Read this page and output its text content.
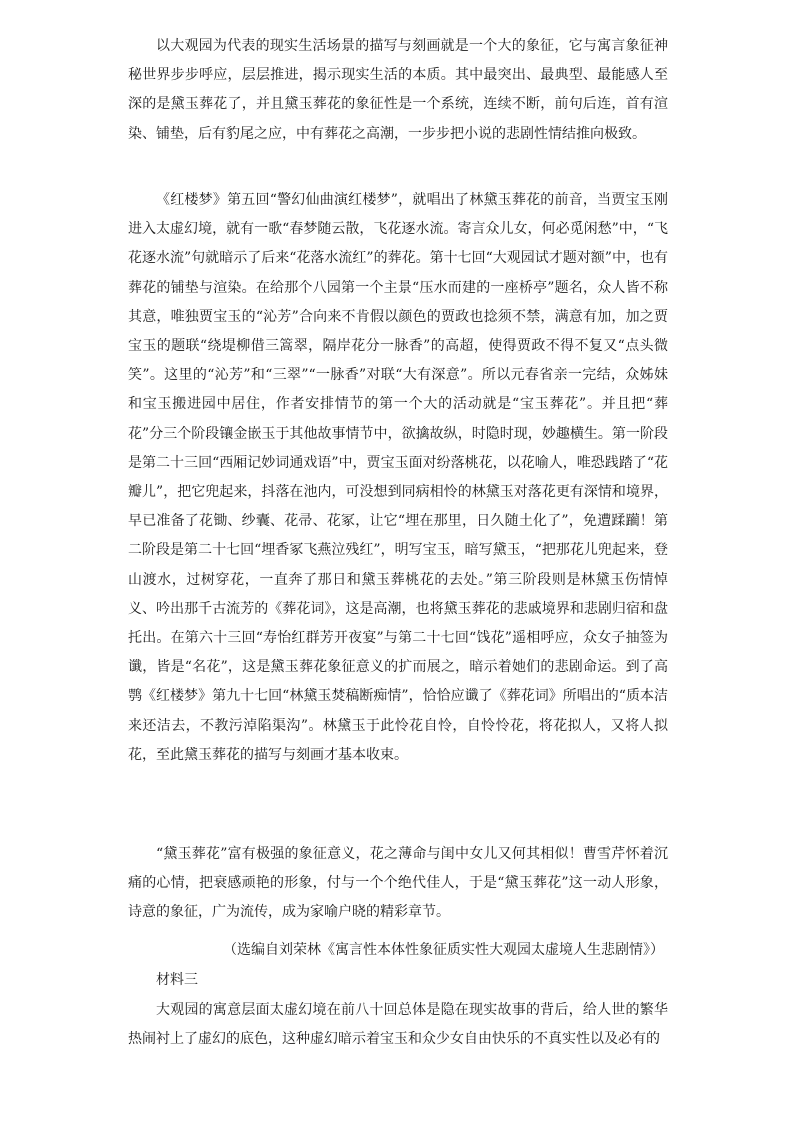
以大观园为代表的现实生活场景的描写与刻画就是一个大的象征，它与寓言象征神秘世界步步呼应，层层推进，揭示现实生活的本质。其中最突出、最典型、最能感人至深的是黛玉葬花了，并且黛玉葬花的象征性是一个系统，连续不断，前句后连，首有渲染、铺垫，后有豹尾之应，中有葬花之高潮，一步步把小说的悲剧性情结推向极致。
《红楼梦》第五回“警幻仙曲演红楼梦”，就唱出了林黛玉葬花的前音，当贾宝玉刚进入太虚幻境，就有一歌“春梦随云散，飞花逐水流。寄言众儿女，何必觅闲愁”中，“飞花逐水流”句就暗示了后来“花落水流红”的葬花。第十七回“大观园试才题对额”中，也有葬花的铺垫与渲染。在给那个八园第一个主景“压水而建的一座桥亭”题名，众人皆不称其意，唯独贾宝玉的“沁芳”合向来不肯假以颜色的贾政也捻须不禁，满意有加，加之贾宝玉的题联“绕堤柳借三篙翠，隔岸花分一脉香”的高超，使得贾政不得不复又“点头微笑”。这里的“沁芳”和“三翠”“一脉香”对联“大有深意”。所以元春省亲一完结，众姊妹和宝玉搬进园中居住，作者安排情节的第一个大的活动就是“宝玉葬花”。并且把“葬花”分三个阶段镶金嵌玉于其他故事情节中，欲擒故纵，时隐时现，妙趣横生。第一阶段是第二十三回“西厢记妙词通戏语”中，贾宝玉面对纷落桃花，以花喻人，唯恐践踏了“花瓣儿”，把它兜起来，抖落在池内，可没想到同病相怜的林黛玉对落花更有深情和境界，早已准备了花锄、纱囊、花帚、花冢，让它“埋在那里，日久随土化了”，免遭蹂躏！第二阶段是第二十七回“埋香冢飞燕泣残红”，明写宝玉，暗写黛玉，“把那花儿兜起来，登山渡水，过树穿花，一直奔了那日和黛玉葬桃花的去处。”第三阶段则是林黛玉伤情悼义、吟出那千古流芳的《葬花词》，这是高潮，也将黛玉葬花的悲戚境界和悲剧归宿和盘托出。在第六十三回“寿怡红群芳开夜宴”与第二十七回“饯花”遥相呼应，众女子抽签为谶，皆是“名花”，这是黛玉葬花象征意义的扩而展之，暗示着她们的悲剧命运。到了高鹗《红楼梦》第九十七回“林黛玉焚稿断痴情”，恰恰应谶了《葬花词》所唱出的“质本洁来还洁去，不教污淖陷渠沟”。林黛玉于此怜花自怜，自怜怜花，将花拟人，又将人拟花，至此黛玉葬花的描写与刻画才基本收束。
“黛玉葬花”富有极强的象征意义，花之薄命与闺中女儿又何其相似！曹雪芹怀着沉痛的心情，把衰感顽艳的形象，付与一个个绝代佳人，于是“黛玉葬花”这一动人形象，诗意的象征，广为流传，成为家喻户晓的精彩章节。
（选编自刘荣林《寓言性本体性象征质实性大观园太虚境人生悲剧情》）
材料三
大观园的寓意层面太虚幻境在前八十回总体是隐在现实故事的背后，给人世的繁华热闹衬上了虚幻的底色，这种虚幻暗示着宝玉和众少女自由快乐的不真实性以及必有的
